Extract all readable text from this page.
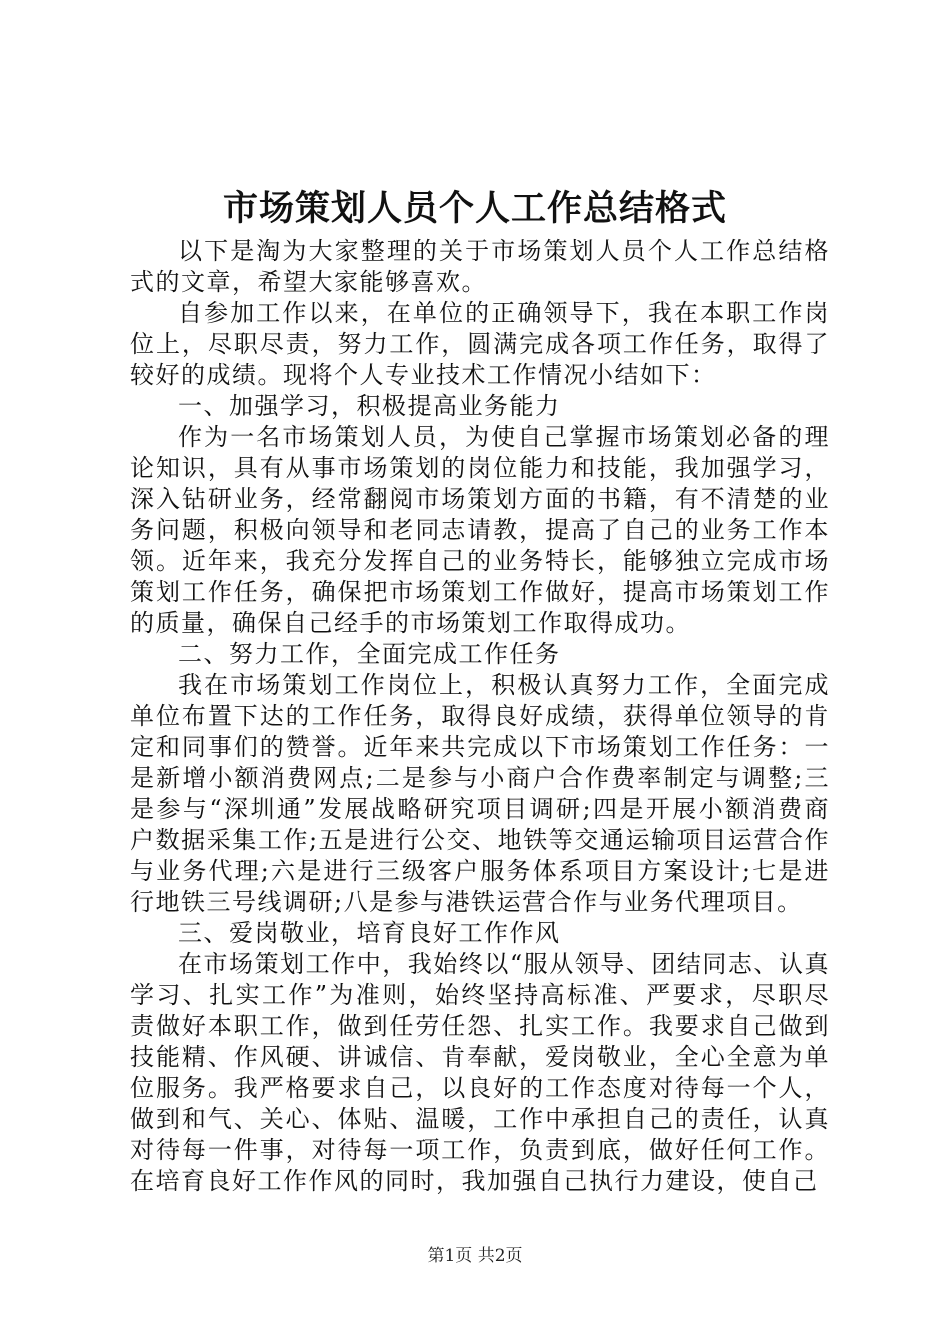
市场策划人员个人工作总结格式

以下是淘为大家整理的关于市场策划人员个人工作总结格式的文章，希望大家能够喜欢。

自参加工作以来，在单位的正确领导下，我在本职工作岗位上，尽职尽责，努力工作，圆满完成各项工作任务，取得了较好的成绩。现将个人专业技术工作情况小结如下：

一、加强学习，积极提高业务能力

作为一名市场策划人员，为使自己掌握市场策划必备的理论知识，具有从事市场策划的岗位能力和技能，我加强学习，深入钻研业务，经常翻阅市场策划方面的书籍，有不清楚的业务问题，积极向领导和老同志请教，提高了自己的业务工作本领。近年来，我充分发挥自己的业务特长，能够独立完成市场策划工作任务，确保把市场策划工作做好，提高市场策划工作的质量，确保自己经手的市场策划工作取得成功。

二、努力工作，全面完成工作任务

我在市场策划工作岗位上，积极认真努力工作，全面完成单位布置下达的工作任务，取得良好成绩，获得单位领导的肯定和同事们的赞誉。近年来共完成以下市场策划工作任务：一是新增小额消费网点;二是参与小商户合作费率制定与调整;三是参与“深圳通”发展战略研究项目调研;四是开展小额消费商户数据采集工作;五是进行公交、地铁等交通运输项目运营合作与业务代理;六是进行三级客户服务体系项目方案设计;七是进行地铁三号线调研;八是参与港铁运营合作与业务代理项目。

三、爱岗敬业，培育良好工作作风

在市场策划工作中，我始终以“服从领导、团结同志、认真学习、扎实工作”为准则，始终坚持高标准、严要求，尽职尽责做好本职工作，做到任劳任怨、扎实工作。我要求自己做到技能精、作风硬、讲诚信、肯奉献，爱岗敬业，全心全意为单位服务。我严格要求自己，以良好的工作态度对待每一个人，做到和气、关心、体贴、温暖，工作中承担自己的责任，认真对待每一件事，对待每一项工作，负责到底，做好任何工作。在培育良好工作作风的同时，我加强自己执行力建设，使自己

第1页 共2页
